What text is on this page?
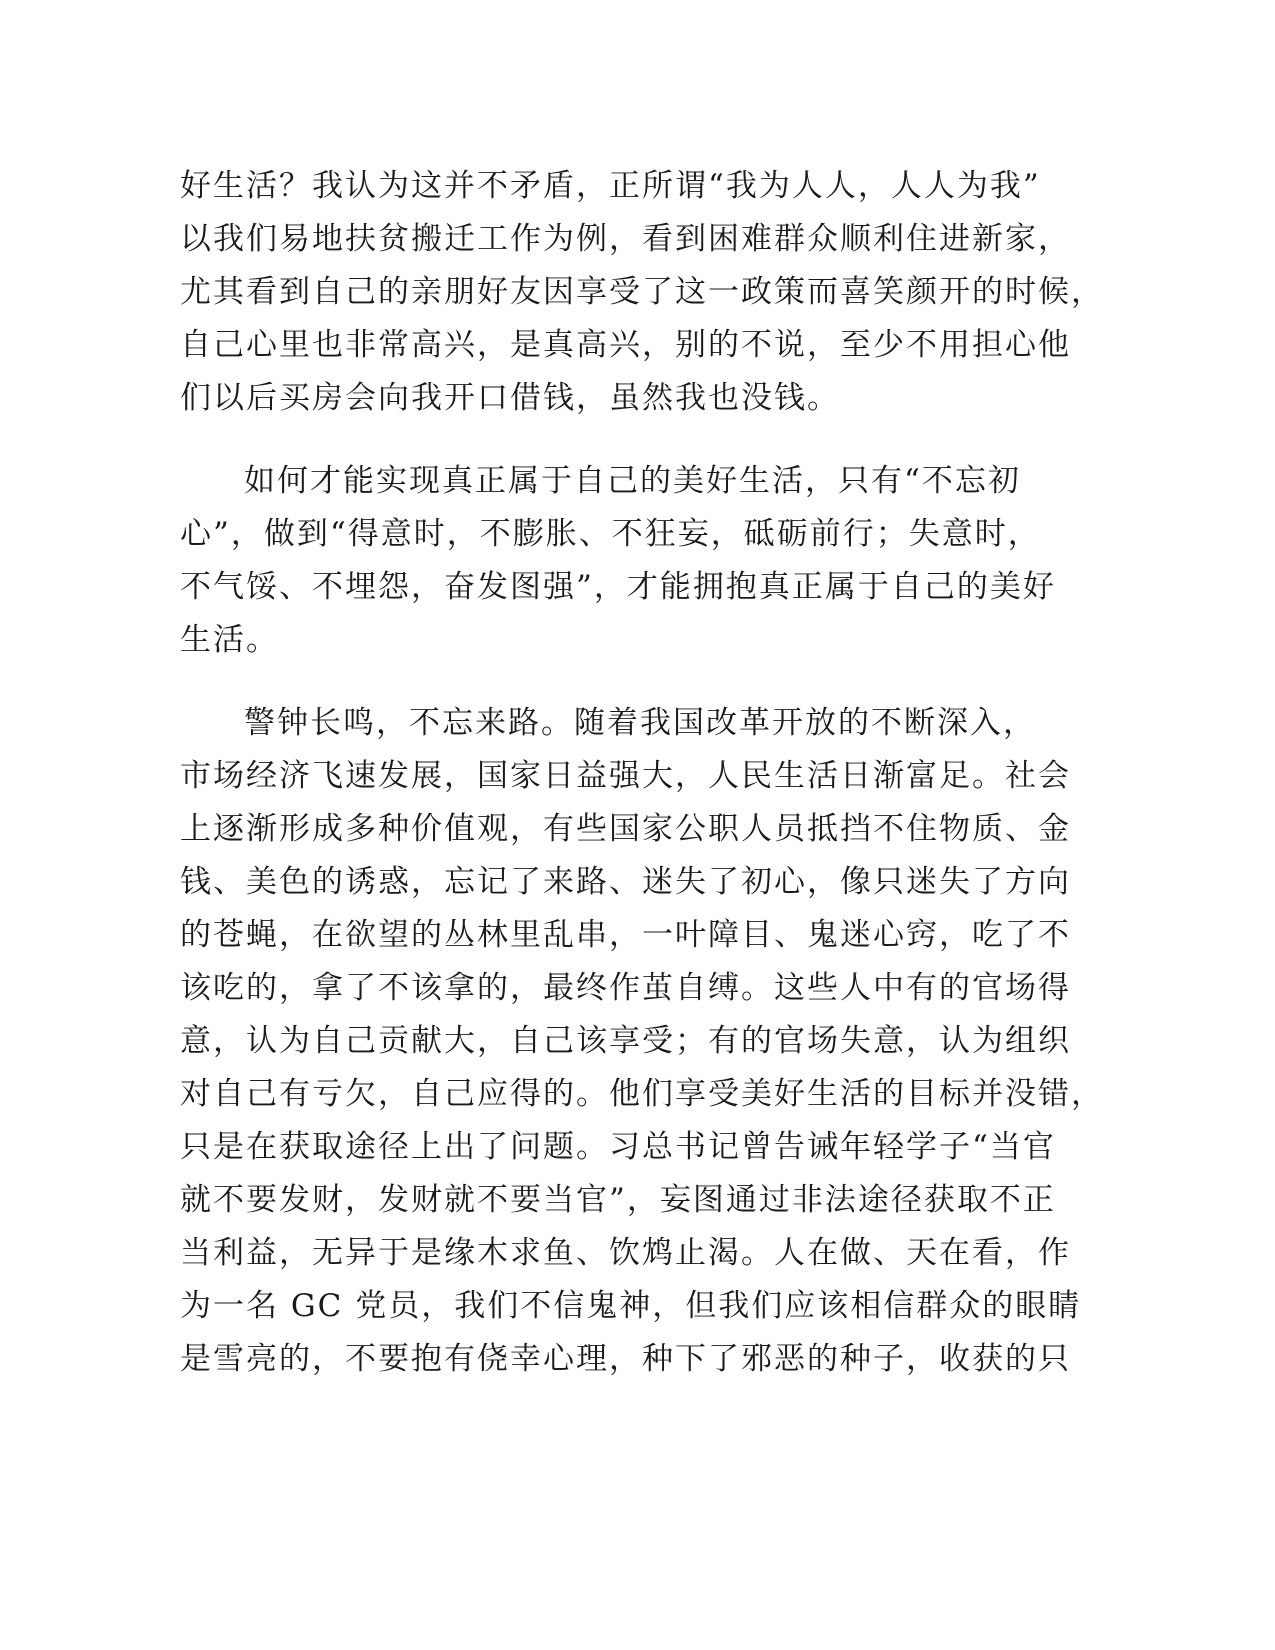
好生活？我认为这并不矛盾，正所谓“我为人人，人人为我”
以我们易地扶贫搬迁工作为例，看到困难群众顺利住进新家，
尤其看到自己的亲朋好友因享受了这一政策而喜笑颜开的时候，
自己心里也非常高兴，是真高兴，别的不说，至少不用担心他
们以后买房会向我开口借钱，虽然我也没钱。
如何才能实现真正属于自己的美好生活，只有“不忘初
心”，做到“得意时，不膨胀、不狂妄，砥砺前行；失意时，
不气馁、不埋怨，奋发图强”，才能拥抱真正属于自己的美好
生活。
警钟长鸣，不忘来路。随着我国改革开放的不断深入，
市场经济飞速发展，国家日益强大，人民生活日渐富足。社会
上逐渐形成多种价值观，有些国家公职人员抵挡不住物质、金
钱、美色的诱惑，忘记了来路、迷失了初心，像只迷失了方向
的苍蝇，在欲望的丛林里乱串，一叶障目、鬼迷心窍，吃了不
该吃的，拿了不该拿的，最终作茧自缚。这些人中有的官场得
意，认为自己贡献大，自己该享受；有的官场失意，认为组织
对自己有亏欠，自己应得的。他们享受美好生活的目标并没错，
只是在获取途径上出了问题。习总书记曾告诫年轻学子“当官
就不要发财，发财就不要当官”，妄图通过非法途径获取不正
当利益，无异于是缘木求鱼、饮鸩止渴。人在做、天在看，作
为一名 GC 党员，我们不信鬼神，但我们应该相信群众的眼睛
是雪亮的，不要抱有侥幸心理，种下了邪恶的种子，收获的只
